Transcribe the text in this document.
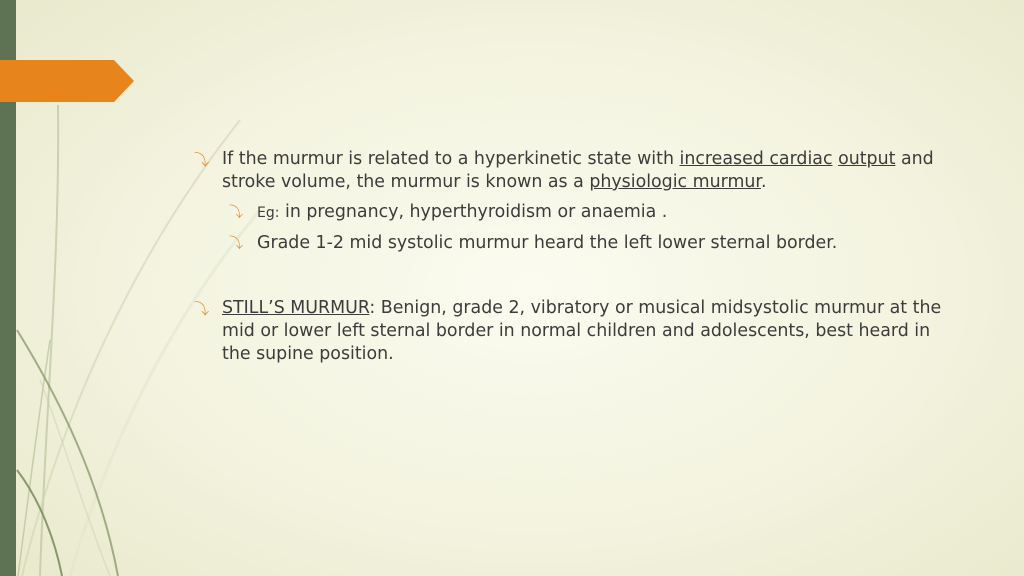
⤵ If the murmur is related to a hyperkinetic state with increased cardiac output and stroke volume, the murmur is known as a physiologic murmur.
⤵ Eg: in pregnancy, hyperthyroidism or anaemia .
⤵ Grade 1-2 mid systolic murmur heard the left lower sternal border.
⤵ STILL’S MURMUR: Benign, grade 2, vibratory or musical midsystolic murmur at the mid or lower left sternal border in normal children and adolescents, best heard in the supine position.
